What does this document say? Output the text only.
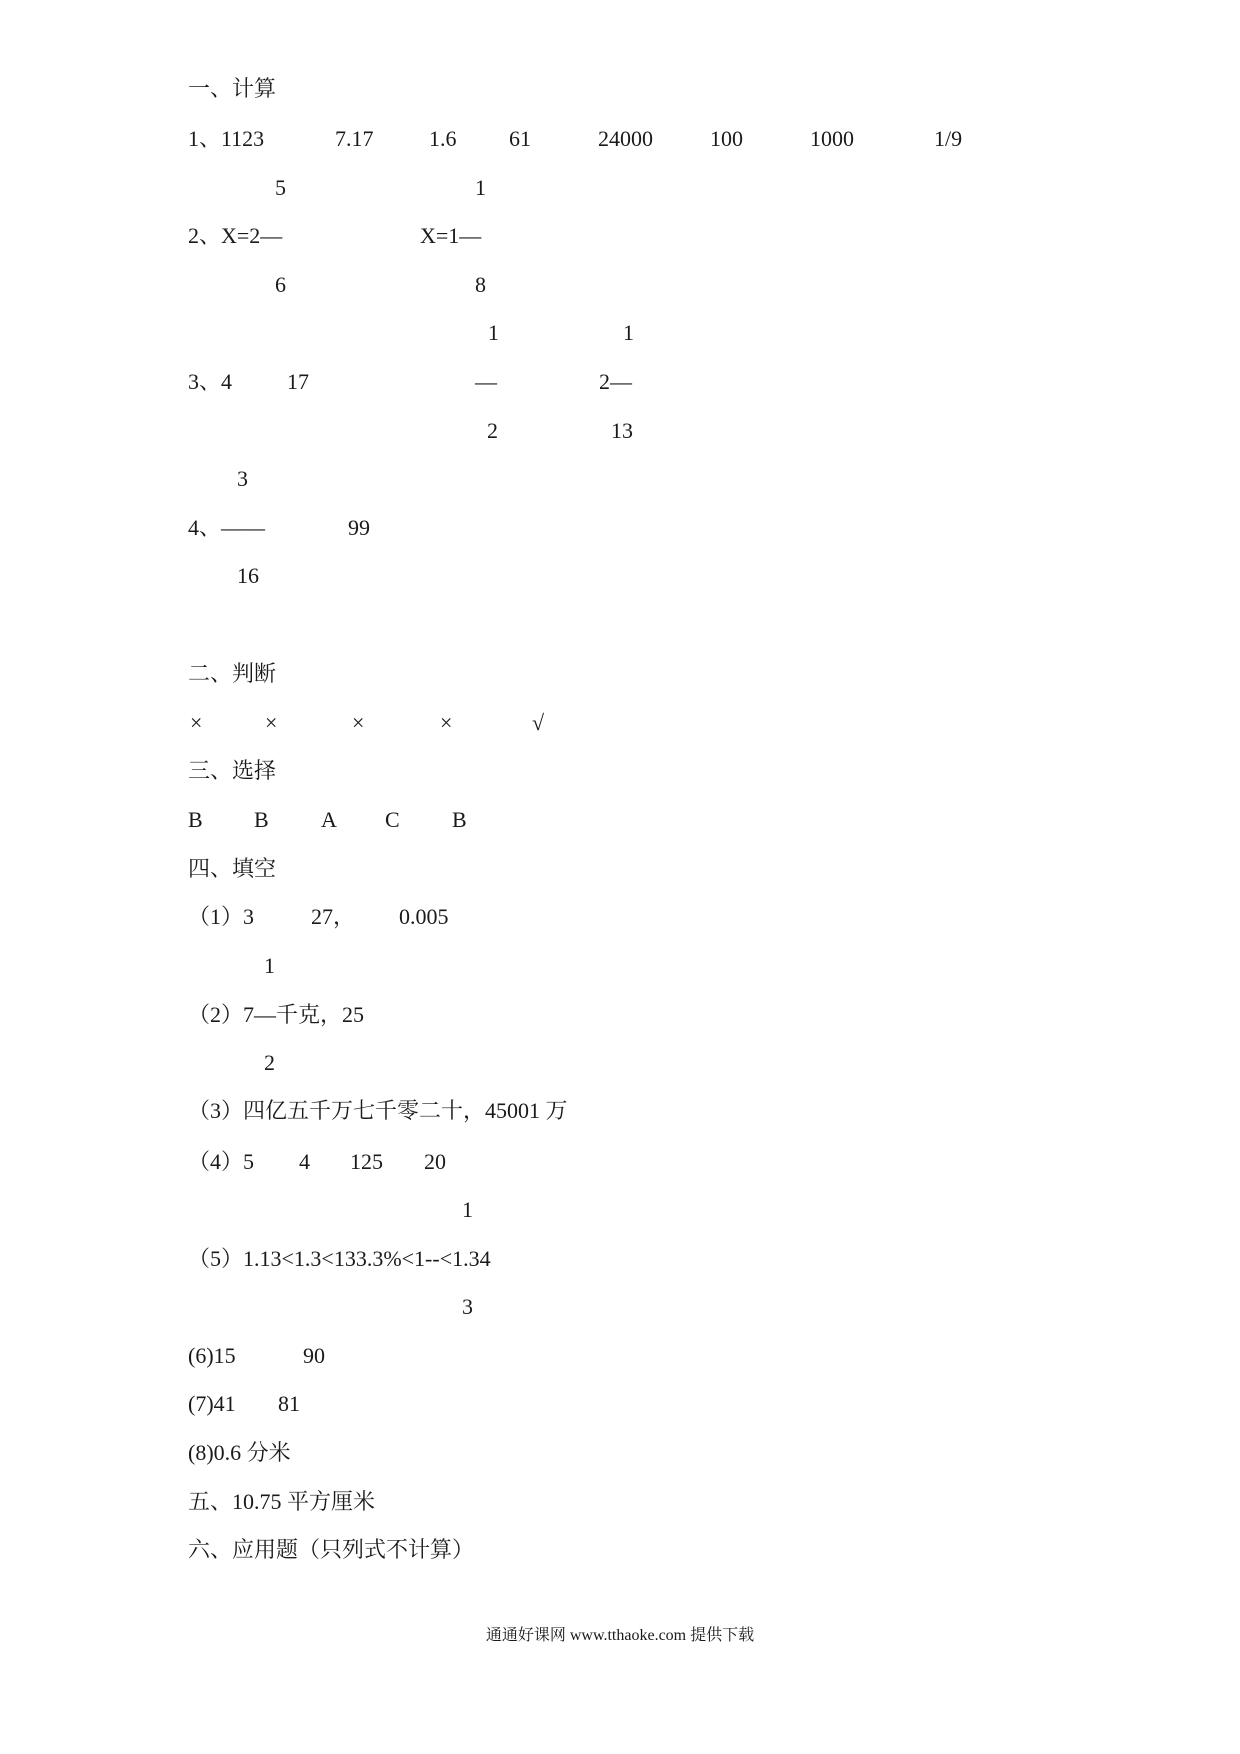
一、计算
1、1123	7.17	1.6 61	24000	100	1000	1/9
5	1
2、X=2—	X=1—
6	8
1	1
3、4 17	—	2—
2	13
3
4、——	99
16
二、判断
×	×	×	×	√
三、选择
B B A C B
四、填空
（1）3	27， 0.005
1
（2）7—千克，25
2
（3）四亿五千万七千零二十，45001 万
（4）5 4 125 20
1
（5）1.13<1.3<133.3%<1--<1.34
3
(6)15	90
(7)41 81
(8)0.6 分米
五、10.75 平方厘米
六、应用题（只列式不计算）
通通好课网 www.tthaoke.com 提供下载
